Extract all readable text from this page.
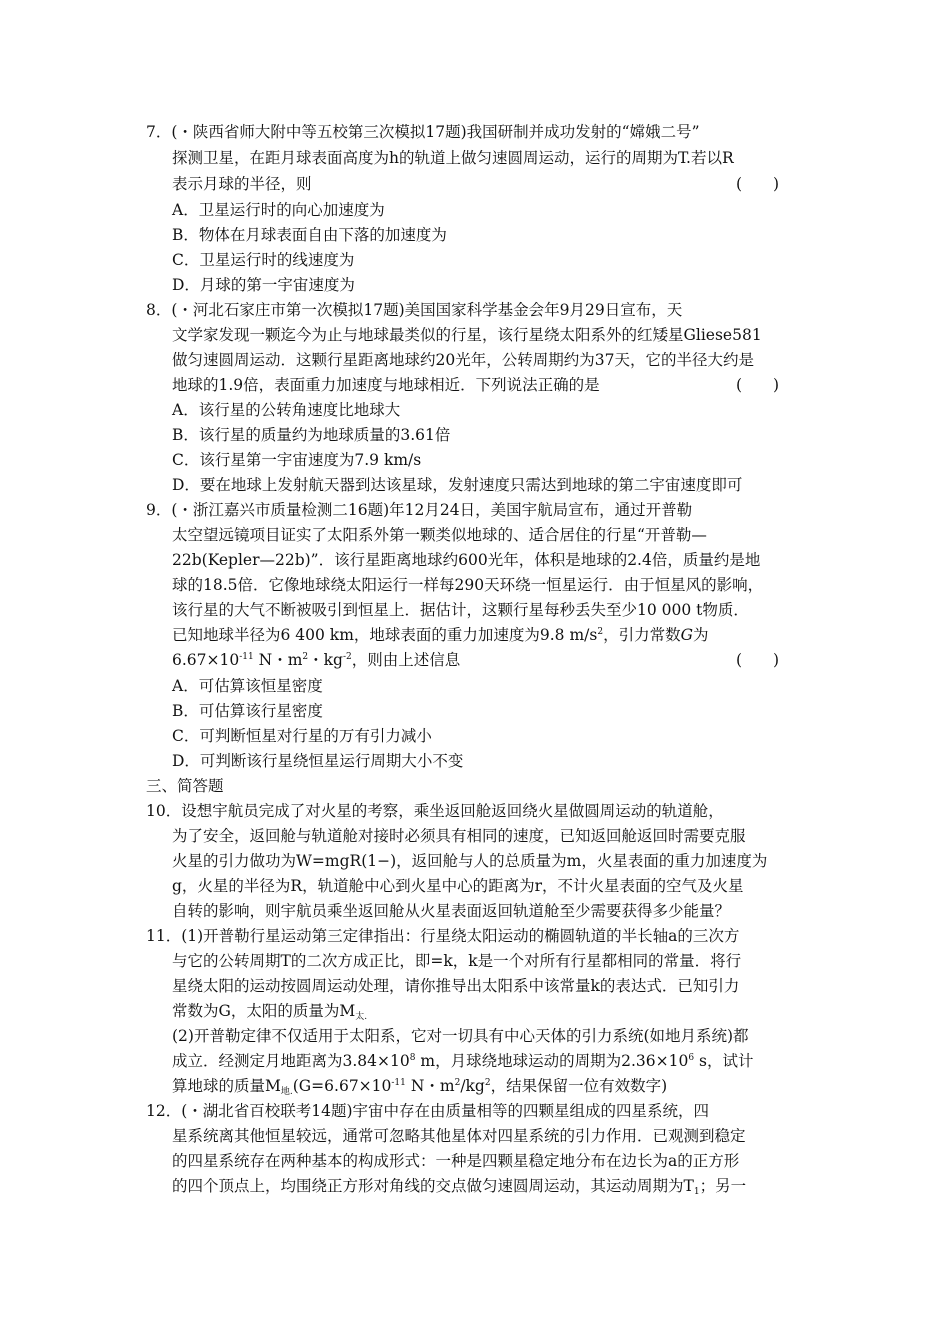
7．(・陕西省师大附中等五校第三次模拟17题)我国研制并成功发射的“嫦娥二号”
探测卫星，在距月球表面高度为h的轨道上做匀速圆周运动，运行的周期为T.若以R
表示月球的半径，则	(　　)
A．卫星运行时的向心加速度为
B．物体在月球表面自由下落的加速度为
C．卫星运行时的线速度为
D．月球的第一宇宙速度为
8．(・河北石家庄市第一次模拟17题)美国国家科学基金会年9月29日宣布，天
文学家发现一颗迄今为止与地球最类似的行星，该行星绕太阳系外的红矮星Gliese581
做匀速圆周运动．这颗行星距离地球约20光年，公转周期约为37天，它的半径大约是
地球的1.9倍，表面重力加速度与地球相近．下列说法正确的是	(　　)
A．该行星的公转角速度比地球大
B．该行星的质量约为地球质量的3.61倍
C．该行星第一宇宙速度为7.9 km/s
D．要在地球上发射航天器到达该星球，发射速度只需达到地球的第二宇宙速度即可
9．(・浙江嘉兴市质量检测二16题)年12月24日，美国宇航局宣布，通过开普勒
太空望远镜项目证实了太阳系外第一颗类似地球的、适合居住的行星“开普勒—
22b(Kepler—22b)”．该行星距离地球约600光年，体积是地球的2.4倍，质量约是地
球的18.5倍．它像地球绕太阳运行一样每290天环绕一恒星运行．由于恒星风的影响，
该行星的大气不断被吸引到恒星上．据估计，这颗行星每秒丢失至少10 000 t物质．
已知地球半径为6 400 km，地球表面的重力加速度为9.8 $m/s^2$，引力常数G为
$6.67\times 10^{-11}$ N・$m^2$・$kg^{-2}$，则由上述信息	(　　)
A．可估算该恒星密度
B．可估算该行星密度
C．可判断恒星对行星的万有引力减小
D．可判断该行星绕恒星运行周期大小不变
三、简答题
10．设想宇航员完成了对火星的考察，乘坐返回舱返回绕火星做圆周运动的轨道舱，
为了安全，返回舱与轨道舱对接时必须具有相同的速度，已知返回舱返回时需要克服
火星的引力做功为W=mgR(1−)，返回舱与人的总质量为m，火星表面的重力加速度为
g，火星的半径为R，轨道舱中心到火星中心的距离为r，不计火星表面的空气及火星
自转的影响，则宇航员乘坐返回舱从火星表面返回轨道舱至少需要获得多少能量？
11．(1)开普勒行星运动第三定律指出：行星绕太阳运动的椭圆轨道的半长轴a的三次方
与它的公转周期T的二次方成正比，即=k，k是一个对所有行星都相同的常量．将行
星绕太阳的运动按圆周运动处理，请你推导出太阳系中该常量k的表达式．已知引力
常数为G，太阳的质量为$M_{太.}$
(2)开普勒定律不仅适用于太阳系，它对一切具有中心天体的引力系统(如地月系统)都
成立．经测定月地距离为$3.84\times 10^8$ m，月球绕地球运动的周期为$2.36\times 10^6$ s，试计
算地球的质量$M_{地.}(G=6.67\times 10^{-11}$ N・$m^2/kg^2$，结果保留一位有效数字)
12．(・湖北省百校联考14题)宇宙中存在由质量相等的四颗星组成的四星系统，四
星系统离其他恒星较远，通常可忽略其他星体对四星系统的引力作用．已观测到稳定
的四星系统存在两种基本的构成形式：一种是四颗星稳定地分布在边长为a的正方形
的四个顶点上，均围绕正方形对角线的交点做匀速圆周运动，其运动周期为$T_1$；另一
